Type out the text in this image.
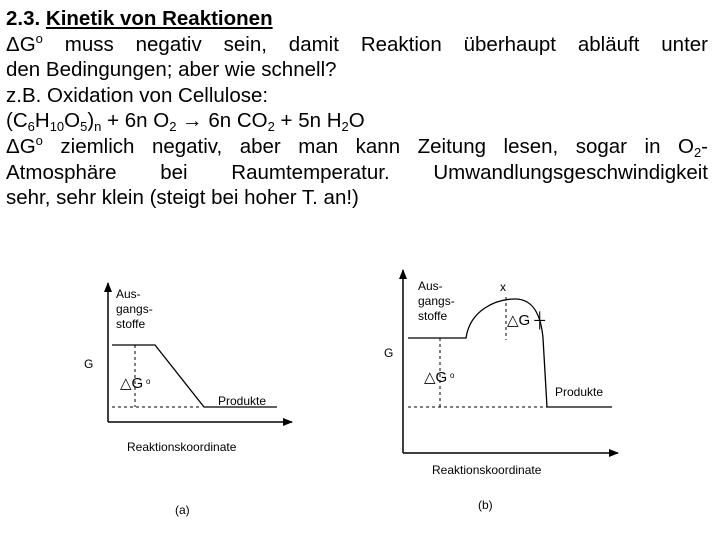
2.3. Kinetik von Reaktionen

$\Delta G^o$ muss negativ sein, damit Reaktion überhaupt abläuft unter

den Bedingungen; aber wie schnell?

z.B. Oxidation von Cellulose:

$(C_6H_{10}O_5)_n + 6n$ $O_2 \to 6n$ $CO_2 + 5n$ $H_2O$

$\Delta G^o$ ziemlich negativ, aber man kann Zeitung lesen, sogar in $O_2-$

Atmosphäre bei Raumtemperatur. Umwandlungsgeschwindigkeit

sehr, sehr klein (steigt bei hoher T. an!)

G
Aus-
gangs-
stoffe
△G o
Produkte
Reaktionskoordinate
(a)
G
Aus-
gangs-
stoffe
x
△G ┼
△G o
Produkte
Reaktionskoordinate
(b)
